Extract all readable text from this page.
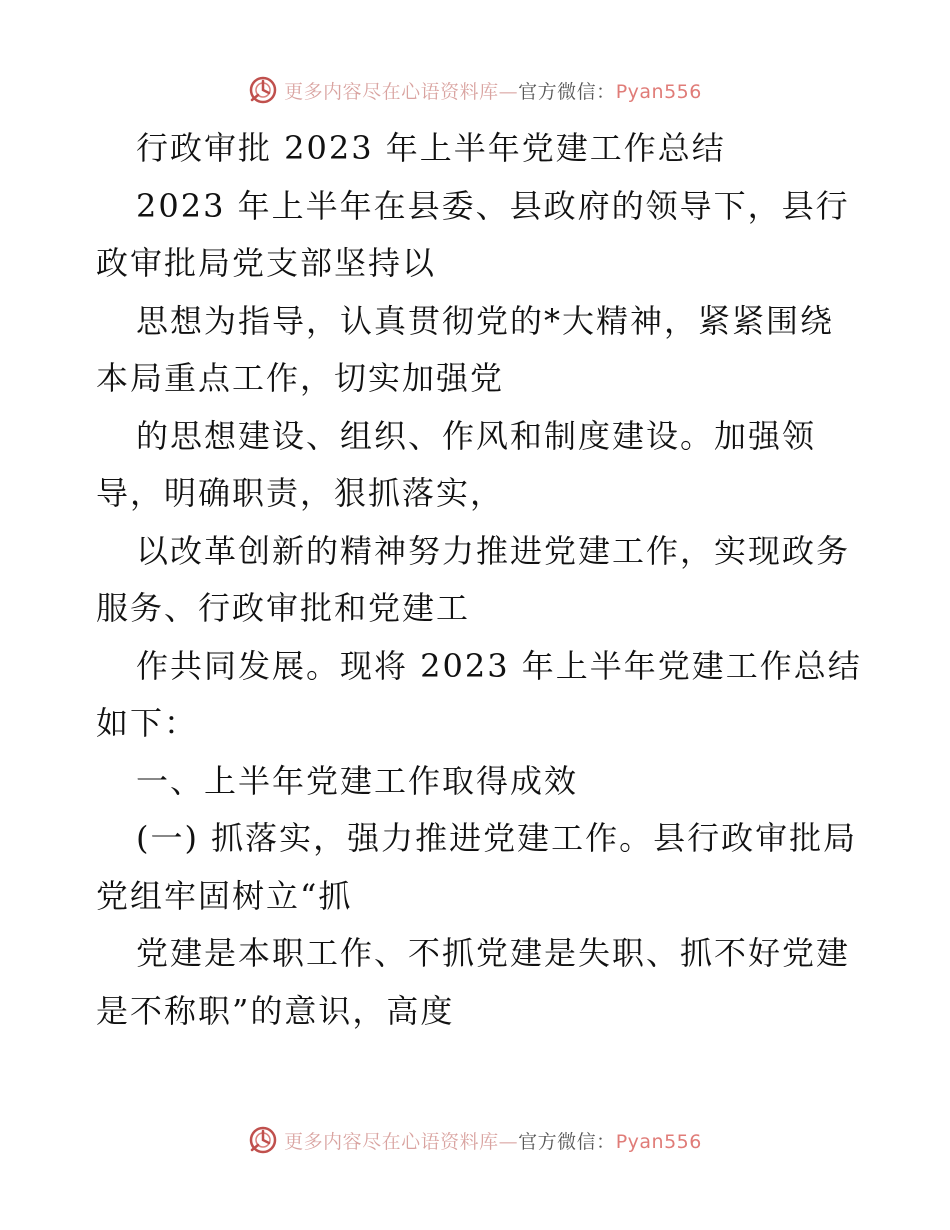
更多内容尽在心语资料库—官方微信：Pyan556
行政审批 2023 年上半年党建工作总结
2023 年上半年在县委、县政府的领导下，县行
政审批局党支部坚持以
思想为指导，认真贯彻党的*大精神，紧紧围绕
本局重点工作，切实加强党
的思想建设、组织、作风和制度建设。加强领
导，明确职责，狠抓落实，
以改革创新的精神努力推进党建工作，实现政务
服务、行政审批和党建工
作共同发展。现将 2023 年上半年党建工作总结
如下：
一、上半年党建工作取得成效
(一) 抓落实，强力推进党建工作。县行政审批局
党组牢固树立“抓
党建是本职工作、不抓党建是失职、抓不好党建
是不称职”的意识，高度
更多内容尽在心语资料库—官方微信：Pyan556
